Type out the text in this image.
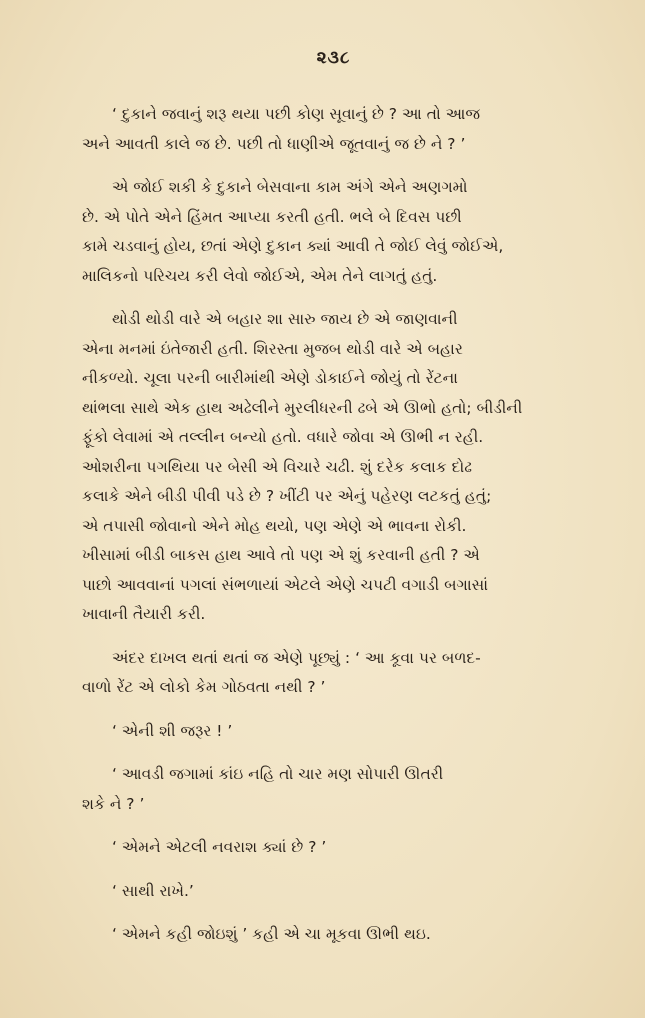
૨૩૮
‘ દુકાને જવાનું શરૂ થયા પછી કોણ સૂવાનું છે ? આ તો આજ
અને આવતી કાલે જ છે. પછી તો ધાણીએ જૂતવાનું જ છે ને ? ’
એ જોઈ શકી કે દુકાને બેસવાના કામ અંગે એને અણગમો
છે. એ પોતે એને હિંમત આપ્યા કરતી હતી. ભલે બે દિવસ પછી
કામે ચડવાનું હોય, છતાં એણે દુકાન ક્યાં આવી તે જોઈ લેવું જોઈએ,
માલિકનો પરિચય કરી લેવો જોઈએ, એમ તેને લાગતું હતું.
થોડી થોડી વારે એ બહાર શા સારુ જાય છે એ જાણવાની
એના મનમાં ઇંતેજારી હતી. શિરસ્તા મુજબ થોડી વારે એ બહાર
નીકળ્યો. ચૂલા પરની બારીમાંથી એણે ડોકાઈને જોયું તો રેંટના
થાંભલા સાથે એક હાથ અઢેલીને મુરલીધરની ઢબે એ ઊભો હતો; બીડીની
ફૂંકો લેવામાં એ તલ્લીન બન્યો હતો. વધારે જોવા એ ઊભી ન રહી.
ઓશરીના પગથિયા પર બેસી એ વિચારે ચઢી. શું દરેક કલાક દોઢ
કલાકે એને બીડી પીવી પડે છે ? ખીંટી પર એનું પહેરણ લટકતું હતું;
એ તપાસી જોવાનો એને મોહ થયો, પણ એણે એ ભાવના રોકી.
ખીસામાં બીડી બાકસ હાથ આવે તો પણ એ શું કરવાની હતી ? એ
પાછો આવવાનાં પગલાં સંભળાયાં એટલે એણે ચપટી વગાડી બગાસાં
ખાવાની તૈયારી કરી.
અંદર દાખલ થતાં થતાં જ એણે પૂછ્યું : ‘ આ કૂવા પર બળદ-
વાળો રેંટ એ લોકો કેમ ગોઠવતા નથી ? ’
‘ એની શી જરૂર ! ’
‘ આવડી જગામાં કાંઇ નહિ તો ચાર મણ સોપારી ઊતરી
શકે ને ? ’
‘ એમને એટલી નવરાશ ક્યાં છે ? ’
‘ સાથી રાખે.’
‘ એમને કહી જોઇશું ’ કહી એ ચા મૂકવા ઊભી થઇ.
